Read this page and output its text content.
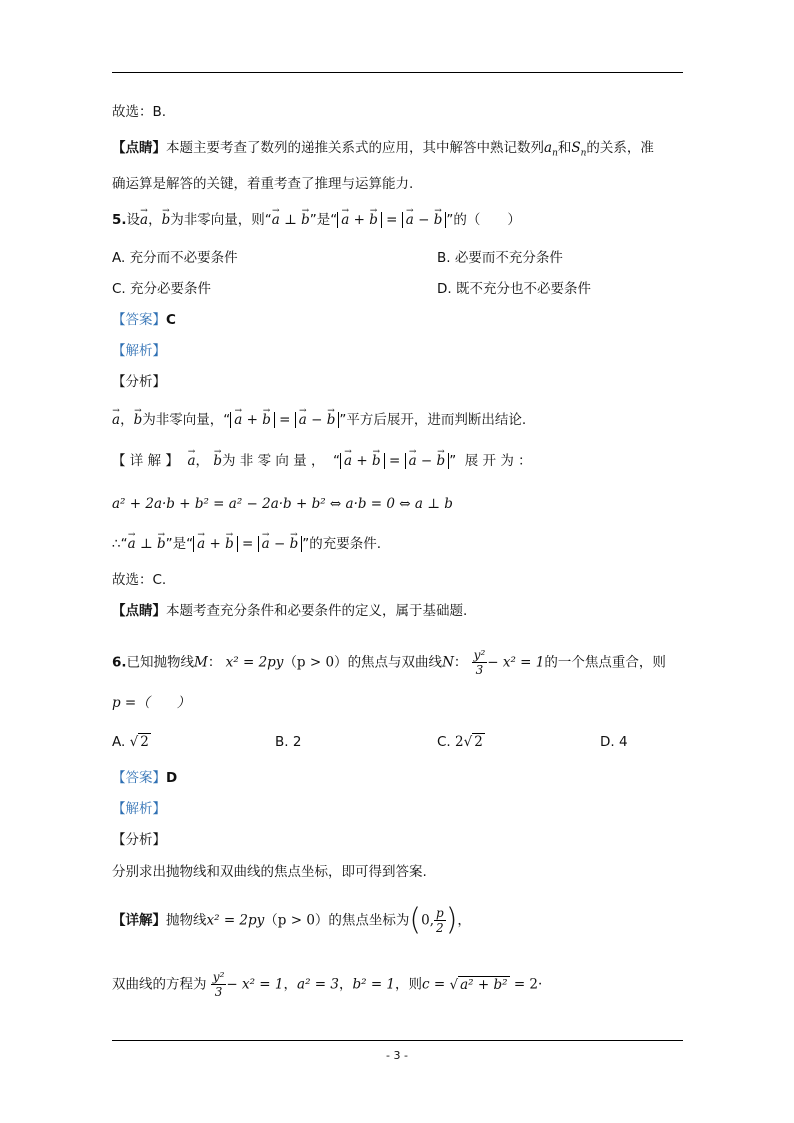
故选：B.
【点睛】本题主要考查了数列的递推关系式的应用，其中解答中熟记数列$a_n$和$S_n$的关系，准
确运算是解答的关键，着重考查了推理与运算能力.
5.设→ a，→ b为非零向量，则“→ a ⊥ → b”是“ → a + → b = → a − → b ”的（　　）
A. 充分而不必要条件	B. 必要而不充分条件
C. 充分必要条件	D. 既不充分也不必要条件
【答案】C
【解析】
【分析】
→ a，→ b为非零向量，“ → a + → b = → a − → b ”平方后展开，进而判断出结论.
【 详 解 】 → a， → b为 非 零 向 量 ，  “ → a + → b = → a − → b ”  展 开 为 ：
a² + 2a·b + b² = a² − 2a·b + b² ⇔ a·b = 0 ⇔ a ⊥ b
∴“→ a ⊥ → b”是“ → a + → b = → a − → b ”的充要条件.
故选：C.
【点睛】本题考查充分条件和必要条件的定义，属于基础题.
6.已知抛物线M： x² = 2py（p > 0）的焦点与双曲线N： $\frac{\text{y²}}{3} - x^2 = 1$的一个焦点重合，则
p =（　　）
A. √ 2	B. 2	C. 2√ 2	D. 4
【答案】D
【解析】
【分析】
分别求出抛物线和双曲线的焦点坐标，即可得到答案.
【详解】抛物线x² = 2py（p > 0）的焦点坐标为(0, $\frac{p}{2}$ )，
双曲线的方程为 $\frac{\text{y²}}{3} - x^2 = 1$，a² = 3，b² = 1，则c = √ a² + b² = 2·
- 3 -
